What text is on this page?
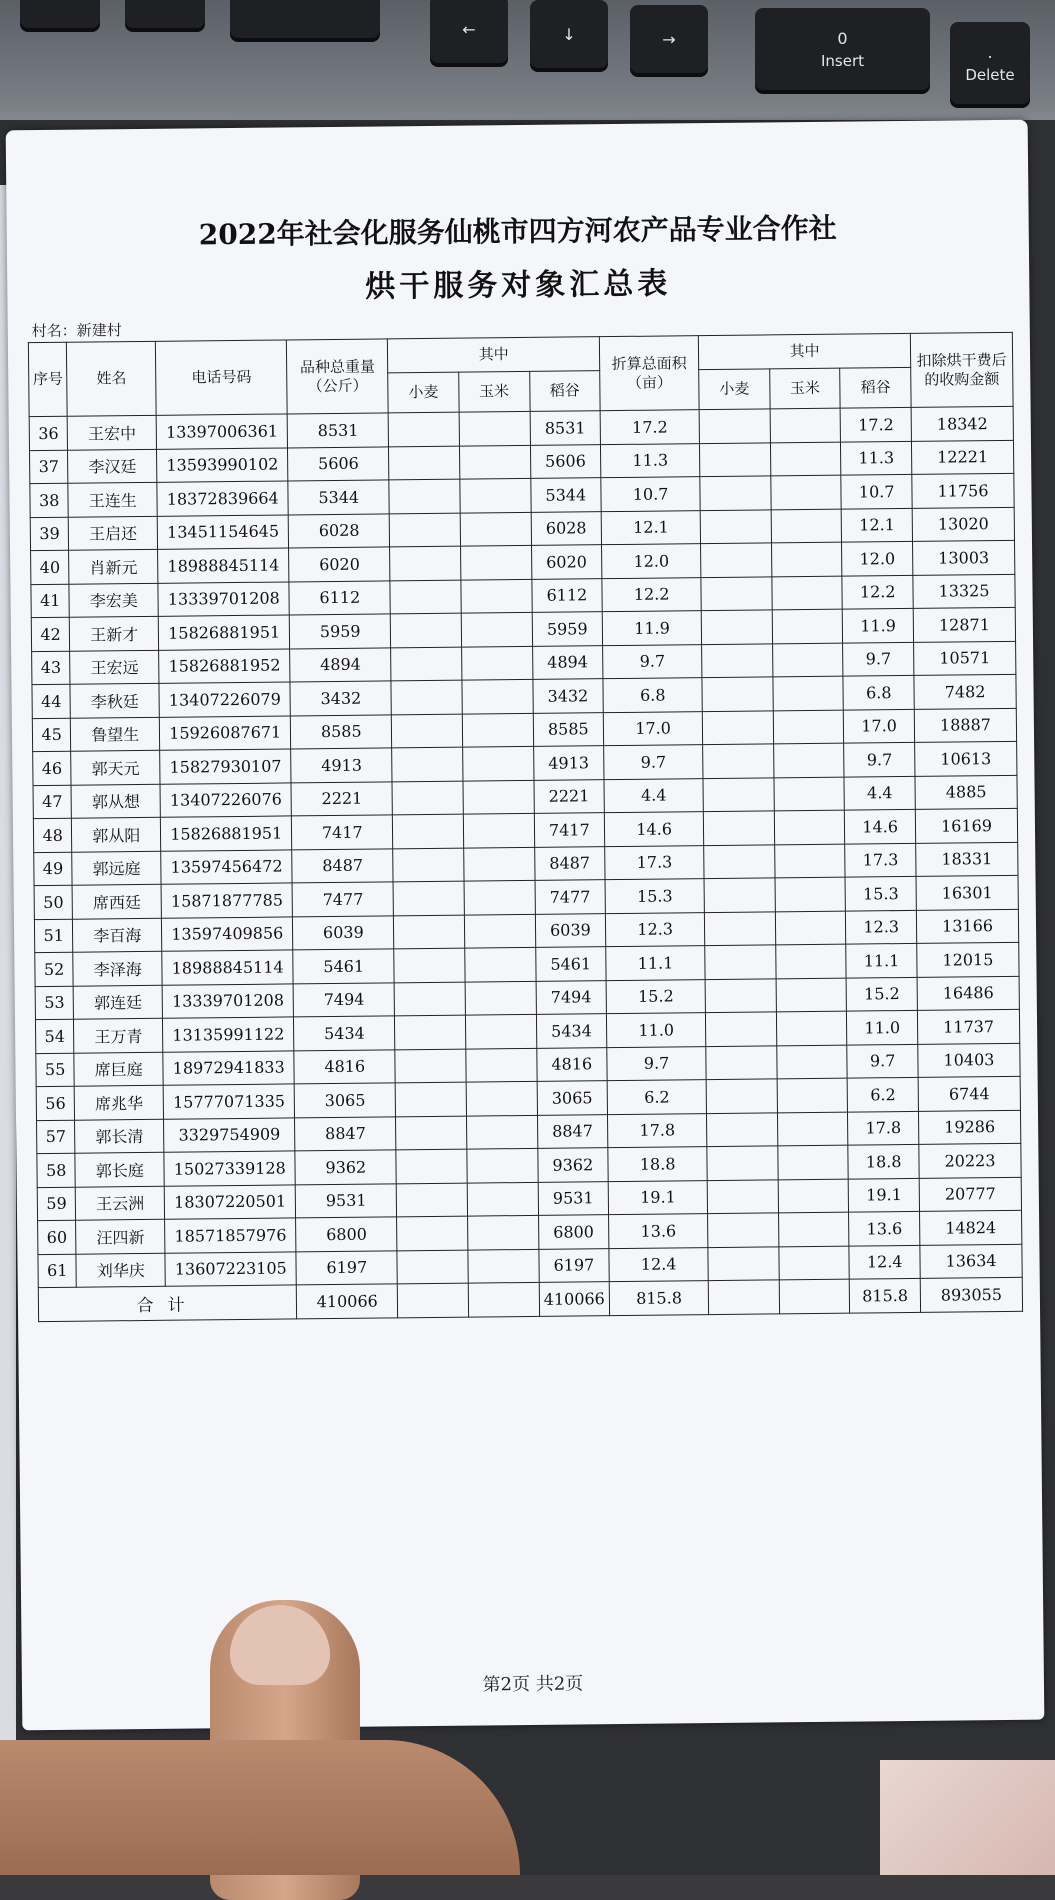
←	↓	→	0
Insert	.
Delete
2022年社会化服务仙桃市四方河农产品专业合作社
烘干服务对象汇总表
村名：新建村
序号	姓名	电话号码	品种总重量（公斤）	其中			折算总面积（亩）	其中			扣除烘干费后的收购金额
				小麦	玉米	稻谷		小麦	玉米	稻谷	
36	王宏中	13397006361	8531			8531	17.2			17.2	18342
37	李汉廷	13593990102	5606			5606	11.3			11.3	12221
38	王连生	18372839664	5344			5344	10.7			10.7	11756
39	王启还	13451154645	6028			6028	12.1			12.1	13020
40	肖新元	18988845114	6020			6020	12.0			12.0	13003
41	李宏美	13339701208	6112			6112	12.2			12.2	13325
42	王新才	15826881951	5959			5959	11.9			11.9	12871
43	王宏远	15826881952	4894			4894	9.7			9.7	10571
44	李秋廷	13407226079	3432			3432	6.8			6.8	7482
45	鲁望生	15926087671	8585			8585	17.0			17.0	18887
46	郭天元	15827930107	4913			4913	9.7			9.7	10613
47	郭从想	13407226076	2221			2221	4.4			4.4	4885
48	郭从阳	15826881951	7417			7417	14.6			14.6	16169
49	郭远庭	13597456472	8487			8487	17.3			17.3	18331
50	席西廷	15871877785	7477			7477	15.3			15.3	16301
51	李百海	13597409856	6039			6039	12.3			12.3	13166
52	李泽海	18988845114	5461			5461	11.1			11.1	12015
53	郭连廷	13339701208	7494			7494	15.2			15.2	16486
54	王万青	13135991122	5434			5434	11.0			11.0	11737
55	席巨庭	18972941833	4816			4816	9.7			9.7	10403
56	席兆华	15777071335	3065			3065	6.2			6.2	6744
57	郭长清	3329754909	8847			8847	17.8			17.8	19286
58	郭长庭	15027339128	9362			9362	18.8			18.8	20223
59	王云洲	18307220501	9531			9531	19.1			19.1	20777
60	汪四新	18571857976	6800			6800	13.6			13.6	14824
61	刘华庆	13607223105	6197			6197	12.4			12.4	13634
合计			410066			410066	815.8			815.8	893055
第2页 共2页
